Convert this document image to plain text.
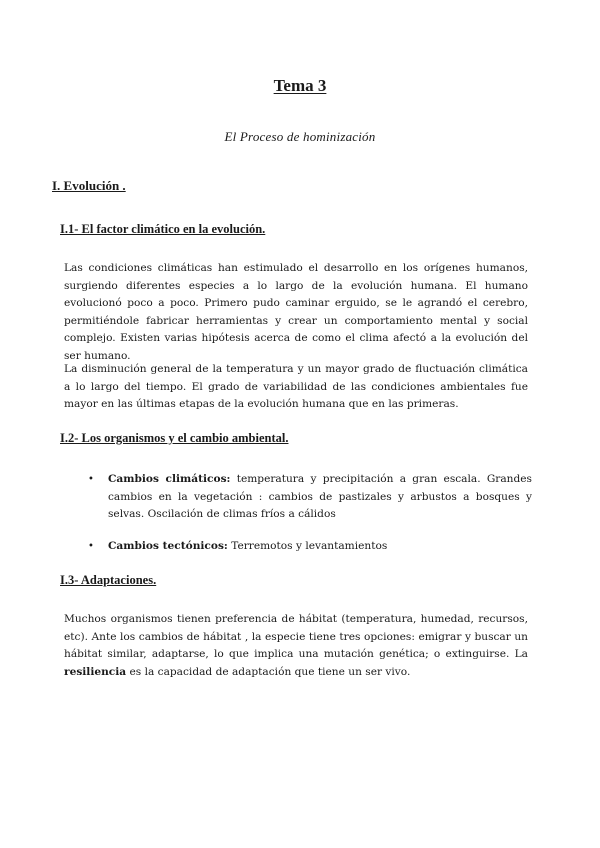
Tema 3
El Proceso de hominización
I. Evolución .
I.1- El factor climático en la evolución.

Las condiciones climáticas han estimulado el desarrollo en los orígenes humanos, surgiendo diferentes especies a lo largo de la evolución humana. El humano evolucionó poco a poco. Primero pudo caminar erguido, se le agrandó el cerebro, permitiéndole fabricar herramientas y crear un comportamiento mental y social complejo. Existen varias hipótesis acerca de como el clima afectó a la evolución del ser humano.

La disminución general de la temperatura y un mayor grado de fluctuación climática a lo largo del tiempo. El grado de variabilidad de las condiciones ambientales fue mayor en las últimas etapas de la evolución humana que en las primeras.

I.2- Los organismos y el cambio ambiental.
• Cambios climáticos: temperatura y precipitación a gran escala. Grandes cambios en la vegetación : cambios de pastizales y arbustos a bosques y selvas. Oscilación de climas fríos a cálidos
• Cambios tectónicos: Terremotos y levantamientos
I.3- Adaptaciones.

Muchos organismos tienen preferencia de hábitat (temperatura, humedad, recursos, etc). Ante los cambios de hábitat , la especie tiene tres opciones: emigrar y buscar un hábitat similar, adaptarse, lo que implica una mutación genética; o extinguirse. La resiliencia es la capacidad de adaptación que tiene un ser vivo.
